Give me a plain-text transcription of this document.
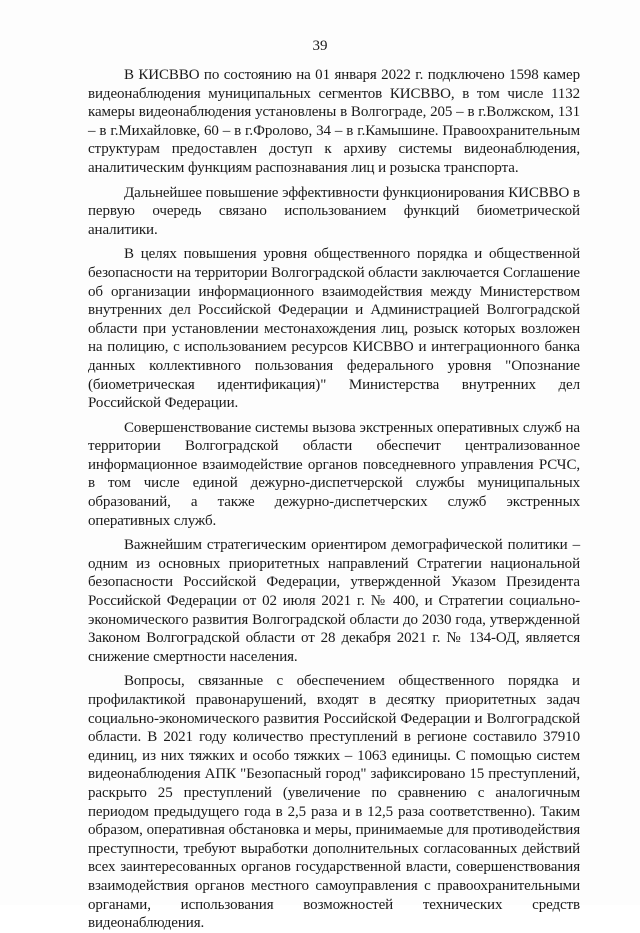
39

В КИСВВО по состоянию на 01 января 2022 г. подключено 1598 камер видеонаблюдения муниципальных сегментов КИСВВО, в том числе 1132 камеры видеонаблюдения установлены в Волгограде, 205 – в г.Волжском, 131 – в г.Михайловке, 60 – в г.Фролово, 34 – в г.Камышине. Правоохранительным структурам предоставлен доступ к архиву системы видеонаблюдения, аналитическим функциям распознавания лиц и розыска транспорта.

Дальнейшее повышение эффективности функционирования КИСВВО в первую очередь связано использованием функций биометрической аналитики.

В целях повышения уровня общественного порядка и общественной безопасности на территории Волгоградской области заключается Соглашение об организации информационного взаимодействия между Министерством внутренних дел Российской Федерации и Администрацией Волгоградской области при установлении местонахождения лиц, розыск которых возложен на полицию, с использованием ресурсов КИСВВО и интеграционного банка данных коллективного пользования федерального уровня "Опознание (биометрическая идентификация)" Министерства внутренних дел Российской Федерации.

Совершенствование системы вызова экстренных оперативных служб на территории Волгоградской области обеспечит централизованное информационное взаимодействие органов повседневного управления РСЧС, в том числе единой дежурно-диспетчерской службы муниципальных образований, а также дежурно-диспетчерских служб экстренных оперативных служб.

Важнейшим стратегическим ориентиром демографической политики – одним из основных приоритетных направлений Стратегии национальной безопасности Российской Федерации, утвержденной Указом Президента Российской Федерации от 02 июля 2021 г. № 400, и Стратегии социально-экономического развития Волгоградской области до 2030 года, утвержденной Законом Волгоградской области от 28 декабря 2021 г. № 134-ОД, является снижение смертности населения.

Вопросы, связанные с обеспечением общественного порядка и профилактикой правонарушений, входят в десятку приоритетных задач социально-экономического развития Российской Федерации и Волгоградской области. В 2021 году количество преступлений в регионе составило 37910 единиц, из них тяжких и особо тяжких – 1063 единицы. С помощью систем видеонаблюдения АПК "Безопасный город" зафиксировано 15 преступлений, раскрыто 25 преступлений (увеличение по сравнению с аналогичным периодом предыдущего года в 2,5 раза и в 12,5 раза соответственно). Таким образом, оперативная обстановка и меры, принимаемые для противодействия преступности, требуют выработки дополнительных согласованных действий всех заинтересованных органов государственной власти, совершенствования взаимодействия органов местного самоуправления с правоохранительными органами, использования возможностей технических средств видеонаблюдения.
